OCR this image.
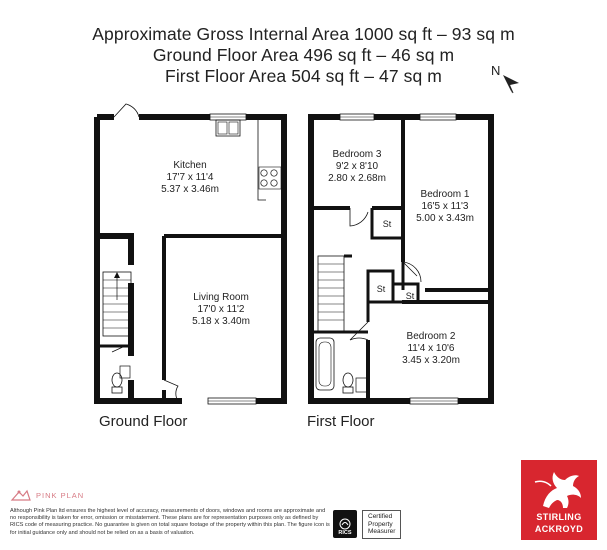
Approximate Gross Internal Area 1000 sq ft – 93 sq m
Ground Floor Area 496 sq ft – 46 sq m
First Floor Area 504 sq ft – 47 sq m	N
Kitchen
17'7 x 11'4
5.37 x 3.46m
Living Room
17'0 x 11'2
5.18 x 3.40m
Bedroom 3
9'2 x 8'10
2.80 x 2.68m
Bedroom 1
16'5 x 11'3
5.00 x 3.43m
Bedroom 2
11'4 x 10'6
3.45 x 3.20m
St
St
St
Ground Floor	First Floor
PINK PLAN
Although Pink Plan ltd ensures the highest level of accuracy, measurements of doors, windows and rooms are approximate and no responsibility is taken for error, omission or misstatement. These plans are for representation purposes only as defined by RICS code of measuring practice. No guarantee is given on total square footage of the property within this plan. The figure icon is for initial guidance only and should not be relied on as a basis of valuation.	RICS
Certified
Property
Measurer
STIRLING
ACKROYD
